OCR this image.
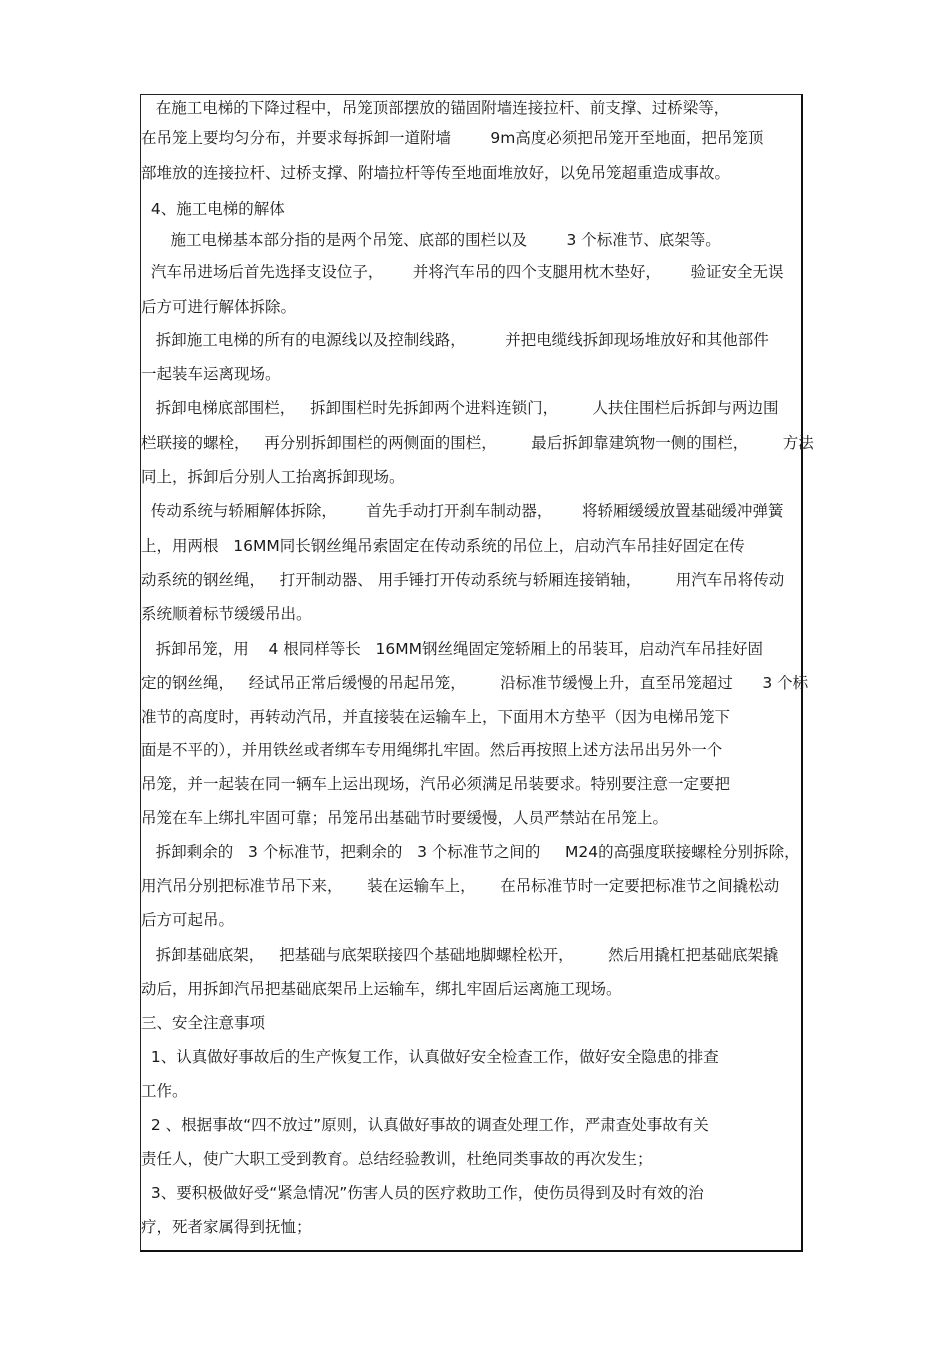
在施工电梯的下降过程中，吊笼顶部摆放的锚固附墙连接拉杆、前支撑、过桥梁等，
在吊笼上要均匀分布，并要求每拆卸一道附墙        9m高度必须把吊笼开至地面，把吊笼顶
部堆放的连接拉杆、过桥支撑、附墙拉杆等传至地面堆放好，以免吊笼超重造成事故。
4、施工电梯的解体
施工电梯基本部分指的是两个吊笼、底部的围栏以及        3 个标准节、底架等。
汽车吊进场后首先选择支设位子，      并将汽车吊的四个支腿用枕木垫好，      验证安全无误
后方可进行解体拆除。
拆卸施工电梯的所有的电源线以及控制线路，        并把电缆线拆卸现场堆放好和其他部件
一起装车运离现场。
拆卸电梯底部围栏，   拆卸围栏时先拆卸两个进料连锁门，       人扶住围栏后拆卸与两边围
栏联接的螺栓，   再分别拆卸围栏的两侧面的围栏，       最后拆卸靠建筑物一侧的围栏，       方法
同上，拆卸后分别人工抬离拆卸现场。
传动系统与轿厢解体拆除，      首先手动打开刹车制动器，      将轿厢缓缓放置基础缓冲弹簧
上，用两根   16MM同长钢丝绳吊索固定在传动系统的吊位上，启动汽车吊挂好固定在传
动系统的钢丝绳，   打开制动器、 用手锤打开传动系统与轿厢连接销轴，       用汽车吊将传动
系统顺着标节缓缓吊出。
拆卸吊笼，用    4 根同样等长   16MM钢丝绳固定笼轿厢上的吊装耳，启动汽车吊挂好固
定的钢丝绳，   经试吊正常后缓慢的吊起吊笼，       沿标准节缓慢上升，直至吊笼超过      3 个标
准节的高度时，再转动汽吊，并直接装在运输车上，下面用木方垫平（因为电梯吊笼下
面是不平的），并用铁丝或者绑车专用绳绑扎牢固。然后再按照上述方法吊出另外一个
吊笼，并一起装在同一辆车上运出现场，汽吊必须满足吊装要求。特别要注意一定要把
吊笼在车上绑扎牢固可靠；吊笼吊出基础节时要缓慢，人员严禁站在吊笼上。
拆卸剩余的   3 个标准节，把剩余的   3 个标准节之间的     M24的高强度联接螺栓分别拆除，
用汽吊分别把标准节吊下来，     装在运输车上，     在吊标准节时一定要把标准节之间撬松动
后方可起吊。
拆卸基础底架，   把基础与底架联接四个基础地脚螺栓松开，       然后用撬杠把基础底架撬
动后，用拆卸汽吊把基础底架吊上运输车，绑扎牢固后运离施工现场。
三、安全注意事项
1、认真做好事故后的生产恢复工作，认真做好安全检查工作，做好安全隐患的排查
工作。
2 、根据事故“四不放过”原则，认真做好事故的调查处理工作，严肃查处事故有关
责任人，使广大职工受到教育。总结经验教训，杜绝同类事故的再次发生；
3、要积极做好受“紧急情况”伤害人员的医疗救助工作，使伤员得到及时有效的治
疗，死者家属得到抚恤；
